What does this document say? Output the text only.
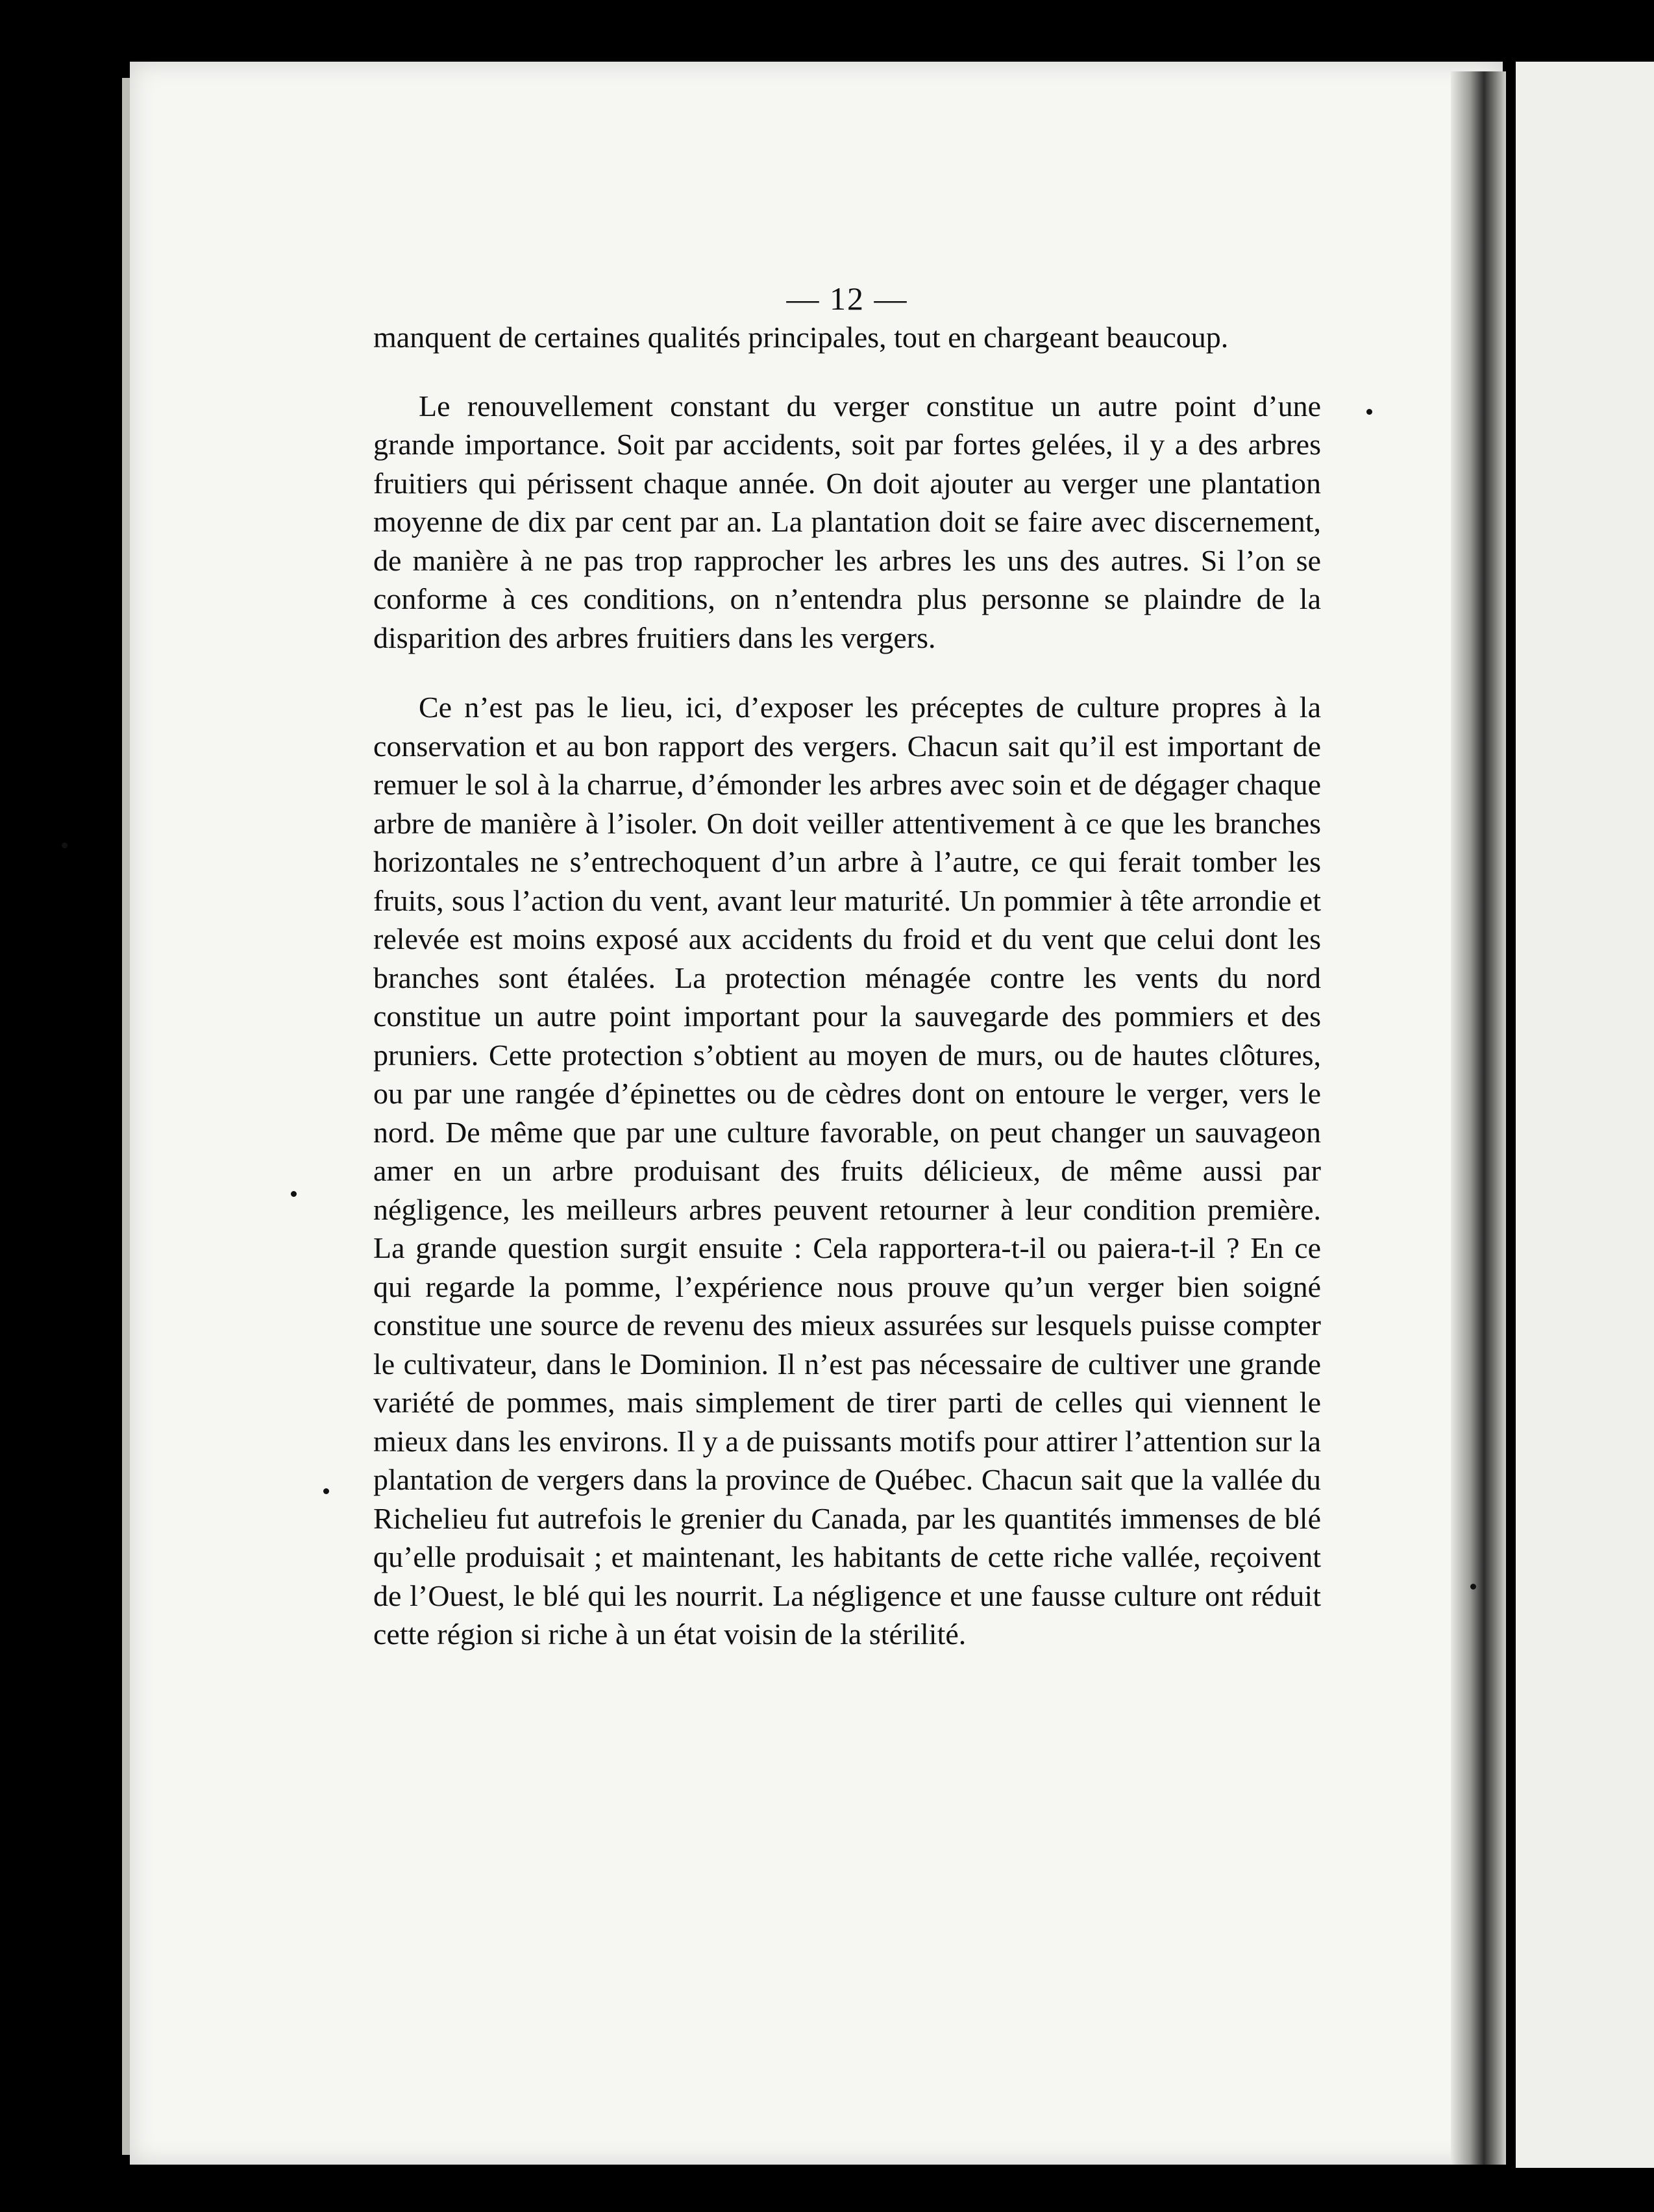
— 12 —

manquent de certaines qualités principales, tout en chargeant beaucoup.

Le renouvellement constant du verger constitue un autre point d’une grande importance. Soit par accidents, soit par fortes gelées, il y a des arbres fruitiers qui périssent chaque année. On doit ajouter au verger une plantation moyenne de dix par cent par an. La plantation doit se faire avec discernement, de manière à ne pas trop rapprocher les arbres les uns des autres. Si l’on se conforme à ces conditions, on n’entendra plus personne se plaindre de la disparition des arbres fruitiers dans les vergers.

Ce n’est pas le lieu, ici, d’exposer les préceptes de culture propres à la conservation et au bon rapport des vergers. Chacun sait qu’il est important de remuer le sol à la charrue, d’émonder les arbres avec soin et de dégager chaque arbre de manière à l’isoler. On doit veiller attentivement à ce que les branches horizontales ne s’entrechoquent d’un arbre à l’autre, ce qui ferait tomber les fruits, sous l’action du vent, avant leur maturité. Un pommier à tête arrondie et relevée est moins exposé aux accidents du froid et du vent que celui dont les branches sont étalées. La protection ménagée contre les vents du nord constitue un autre point important pour la sauvegarde des pommiers et des pruniers. Cette protection s’obtient au moyen de murs, ou de hautes clôtures, ou par une rangée d’épinettes ou de cèdres dont on entoure le verger, vers le nord. De même que par une culture favorable, on peut changer un sauvageon amer en un arbre produisant des fruits délicieux, de même aussi par négligence, les meilleurs arbres peuvent retourner à leur condition première. La grande question surgit ensuite : Cela rapportera-t-il ou paiera-t-il ? En ce qui regarde la pomme, l’expérience nous prouve qu’un verger bien soigné constitue une source de revenu des mieux assurées sur lesquels puisse compter le cultivateur, dans le Dominion. Il n’est pas nécessaire de cultiver une grande variété de pommes, mais simplement de tirer parti de celles qui viennent le mieux dans les environs. Il y a de puissants motifs pour attirer l’attention sur la plantation de vergers dans la province de Québec. Chacun sait que la vallée du Richelieu fut autrefois le grenier du Canada, par les quantités immenses de blé qu’elle produisait ; et maintenant, les habitants de cette riche vallée, reçoivent de l’Ouest, le blé qui les nourrit. La négligence et une fausse culture ont réduit cette région si riche à un état voisin de la stérilité.
